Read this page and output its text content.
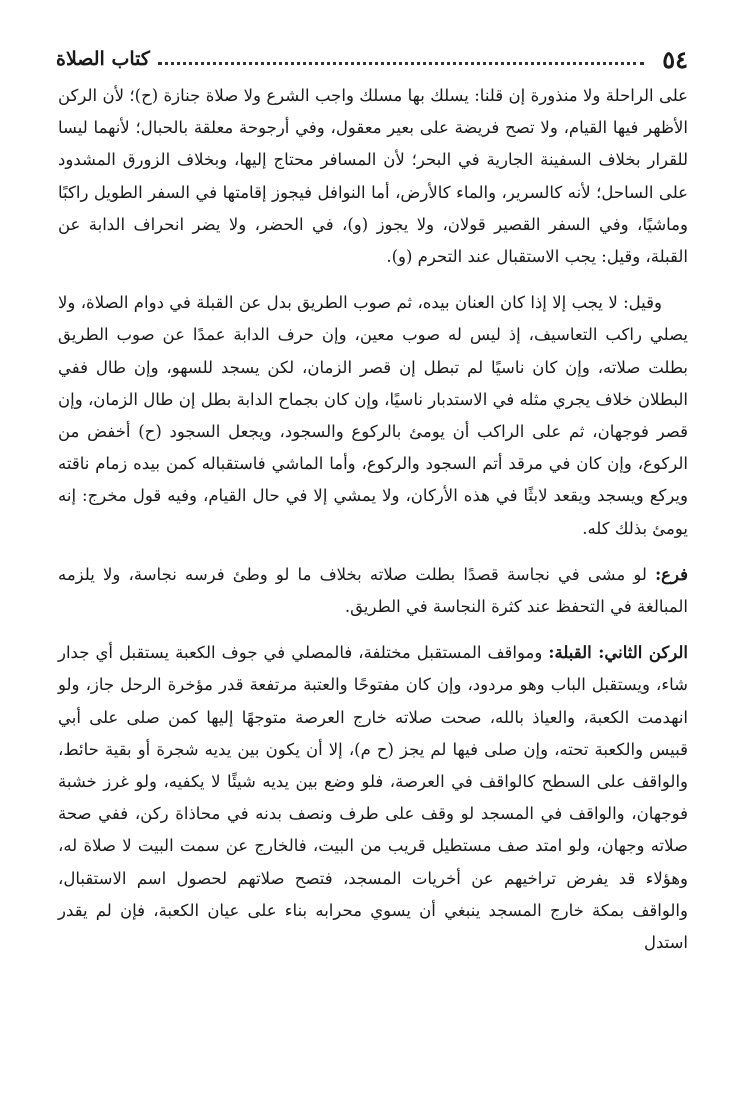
٥٤
كتاب الصلاة

على الراحلة ولا منذورة إن قلنا: يسلك بها مسلك واجب الشرع ولا صلاة جنازة (ح)؛ لأن الركن الأظهر فيها القيام، ولا تصح فريضة على بعير معقول، وفي أرجوحة معلقة بالحبال؛ لأنهما ليسا للقرار بخلاف السفينة الجارية في البحر؛ لأن المسافر محتاج إليها، وبخلاف الزورق المشدود على الساحل؛ لأنه كالسرير، والماء كالأرض، أما النوافل فيجوز إقامتها في السفر الطويل راكبًا وماشيًا، وفي السفر القصير قولان، ولا يجوز (و)، في الحضر، ولا يضر انحراف الدابة عن القبلة، وقيل: يجب الاستقبال عند التحرم (و).

وقيل: لا يجب إلا إذا كان العنان بيده، ثم صوب الطريق بدل عن القبلة في دوام الصلاة، ولا يصلي راكب التعاسيف، إذ ليس له صوب معين، وإن حرف الدابة عمدًا عن صوب الطريق بطلت صلاته، وإن كان ناسيًا لم تبطل إن قصر الزمان، لكن يسجد للسهو، وإن طال ففي البطلان خلاف يجري مثله في الاستدبار ناسيًا، وإن كان بجماح الدابة بطل إن طال الزمان، وإن قصر فوجهان، ثم على الراكب أن يومئ بالركوع والسجود، ويجعل السجود (ح) أخفض من الركوع، وإن كان في مرقد أتم السجود والركوع، وأما الماشي فاستقباله كمن بيده زمام ناقته ويركع ويسجد ويقعد لابثًا في هذه الأركان، ولا يمشي إلا في حال القيام، وفيه قول مخرج: إنه يومئ بذلك كله.

فرع: لو مشى في نجاسة قصدًا بطلت صلاته بخلاف ما لو وطئ فرسه نجاسة، ولا يلزمه المبالغة في التحفظ عند كثرة النجاسة في الطريق.

الركن الثاني: القبلة: ومواقف المستقبل مختلفة، فالمصلي في جوف الكعبة يستقبل أي جدار شاء، ويستقبل الباب وهو مردود، وإن كان مفتوحًا والعتبة مرتفعة قدر مؤخرة الرحل جاز، ولو انهدمت الكعبة، والعياذ بالله، صحت صلاته خارج العرصة متوجهًا إليها كمن صلى على أبي قبيس والكعبة تحته، وإن صلى فيها لم يجز (ح م)، إلا أن يكون بين يديه شجرة أو بقية حائط، والواقف على السطح كالواقف في العرصة، فلو وضع بين يديه شيئًا لا يكفيه، ولو غرز خشبة فوجهان، والواقف في المسجد لو وقف على طرف ونصف بدنه في محاذاة ركن، ففي صحة صلاته وجهان، ولو امتد صف مستطيل قريب من البيت، فالخارج عن سمت البيت لا صلاة له، وهؤلاء قد يفرض تراخيهم عن أخريات المسجد، فتصح صلاتهم لحصول اسم الاستقبال، والواقف بمكة خارج المسجد ينبغي أن يسوي محرابه بناء على عيان الكعبة، فإن لم يقدر استدل
